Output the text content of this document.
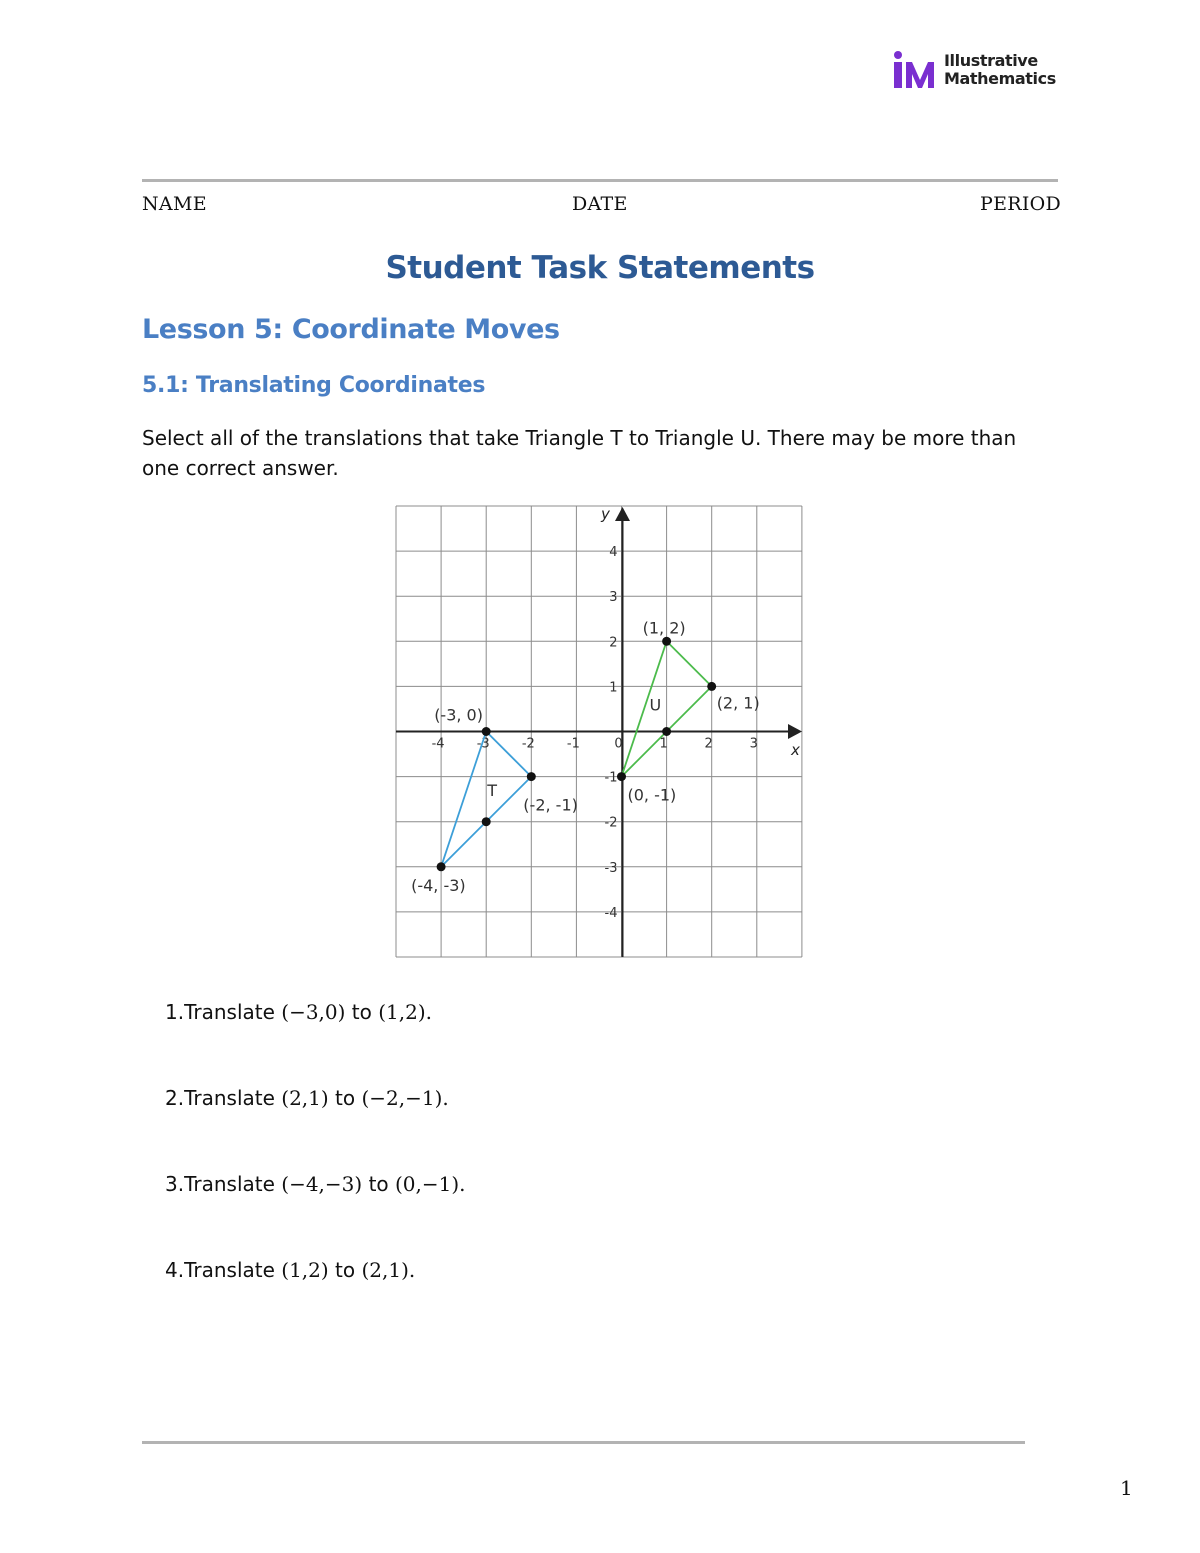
Illustrative
Mathematics
NAME	DATE	PERIOD
Student Task Statements
Lesson 5: Coordinate Moves
5.1: Translating Coordinates

Select all of the translations that take Triangle T to Triangle U. There may be more than one correct answer.

x
y
-4 -3 -2 -1	0	1	2	3
4
3
2
1
-1
-2
-3
-4
(-3, 0)
(-2, -1)
(-4, -3)
(1, 2)
(2, 1)
(0, -1)
T
U
1.Translate (−3,0) to (1,2).
2.Translate (2,1) to (−2,−1).
3.Translate (−4,−3) to (0,−1).
4.Translate (1,2) to (2,1).
1
